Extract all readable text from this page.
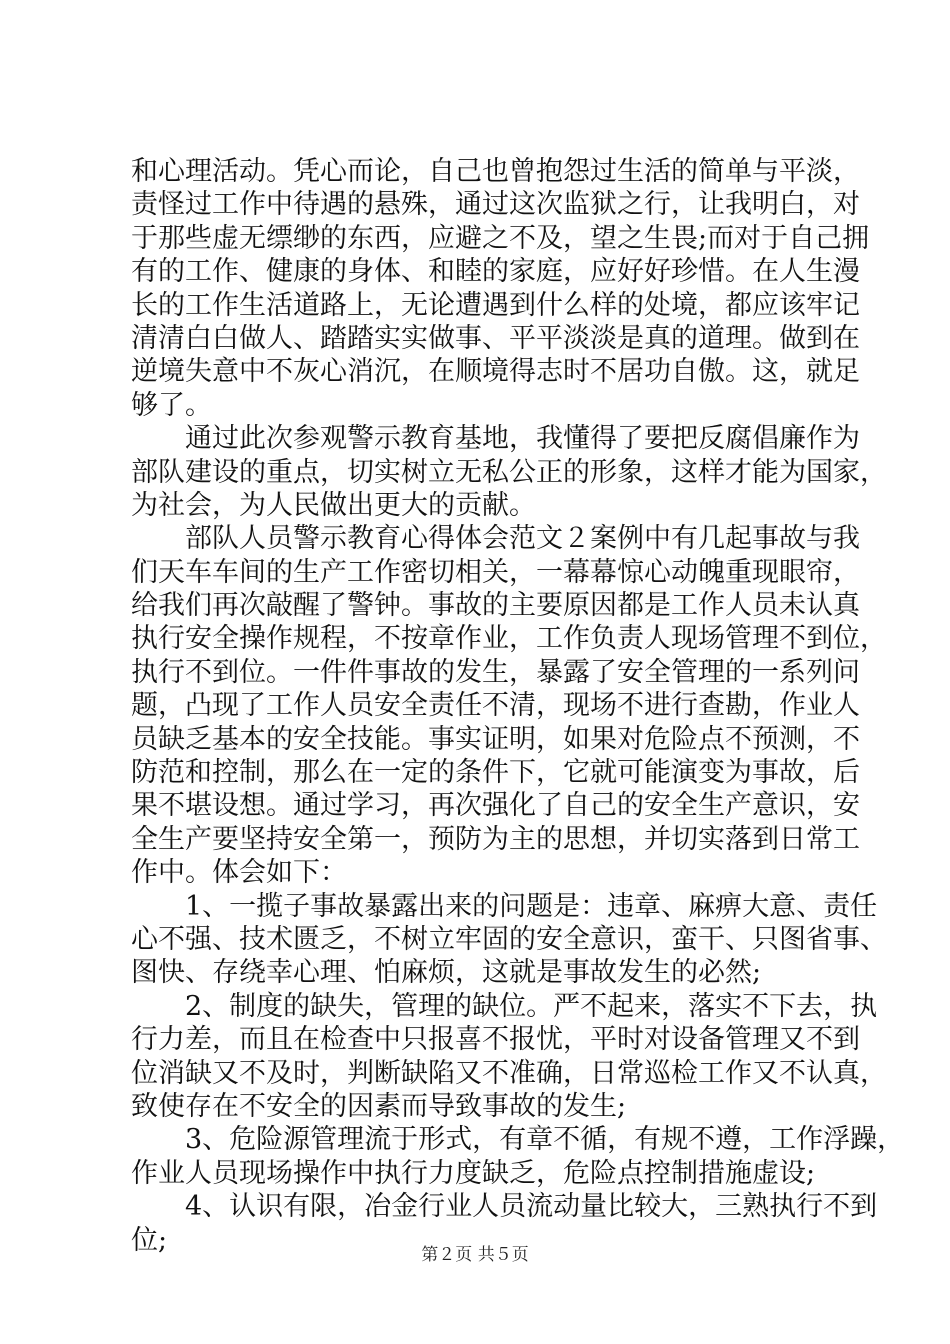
和心理活动。凭心而论，自己也曾抱怨过生活的简单与平淡，
责怪过工作中待遇的悬殊，通过这次监狱之行，让我明白，对
于那些虚无缥缈的东西，应避之不及，望之生畏;而对于自己拥
有的工作、健康的身体、和睦的家庭，应好好珍惜。在人生漫
长的工作生活道路上，无论遭遇到什么样的处境，都应该牢记
清清白白做人、踏踏实实做事、平平淡淡是真的道理。做到在
逆境失意中不灰心消沉，在顺境得志时不居功自傲。这，就足
够了。
　　通过此次参观警示教育基地，我懂得了要把反腐倡廉作为
部队建设的重点，切实树立无私公正的形象，这样才能为国家，
为社会，为人民做出更大的贡献。
　　部队人员警示教育心得体会范文２案例中有几起事故与我
们天车车间的生产工作密切相关，一幕幕惊心动魄重现眼帘，
给我们再次敲醒了警钟。事故的主要原因都是工作人员未认真
执行安全操作规程，不按章作业，工作负责人现场管理不到位，
执行不到位。一件件事故的发生，暴露了安全管理的一系列问
题，凸现了工作人员安全责任不清，现场不进行查勘，作业人
员缺乏基本的安全技能。事实证明，如果对危险点不预测，不
防范和控制，那么在一定的条件下，它就可能演变为事故，后
果不堪设想。通过学习，再次强化了自己的安全生产意识，安
全生产要坚持安全第一，预防为主的思想，并切实落到日常工
作中。体会如下：
　　1、一揽子事故暴露出来的问题是：违章、麻痹大意、责任
心不强、技术匮乏，不树立牢固的安全意识，蛮干、只图省事、
图快、存绕幸心理、怕麻烦，这就是事故发生的必然;
　　2、制度的缺失，管理的缺位。严不起来，落实不下去，执
行力差，而且在检查中只报喜不报忧，平时对设备管理又不到
位消缺又不及时，判断缺陷又不准确，日常巡检工作又不认真，
致使存在不安全的因素而导致事故的发生;
　　3、危险源管理流于形式，有章不循，有规不遵，工作浮躁，
作业人员现场操作中执行力度缺乏，危险点控制措施虚设;
　　4、认识有限，冶金行业人员流动量比较大，三熟执行不到
位;	第２页 共５页
